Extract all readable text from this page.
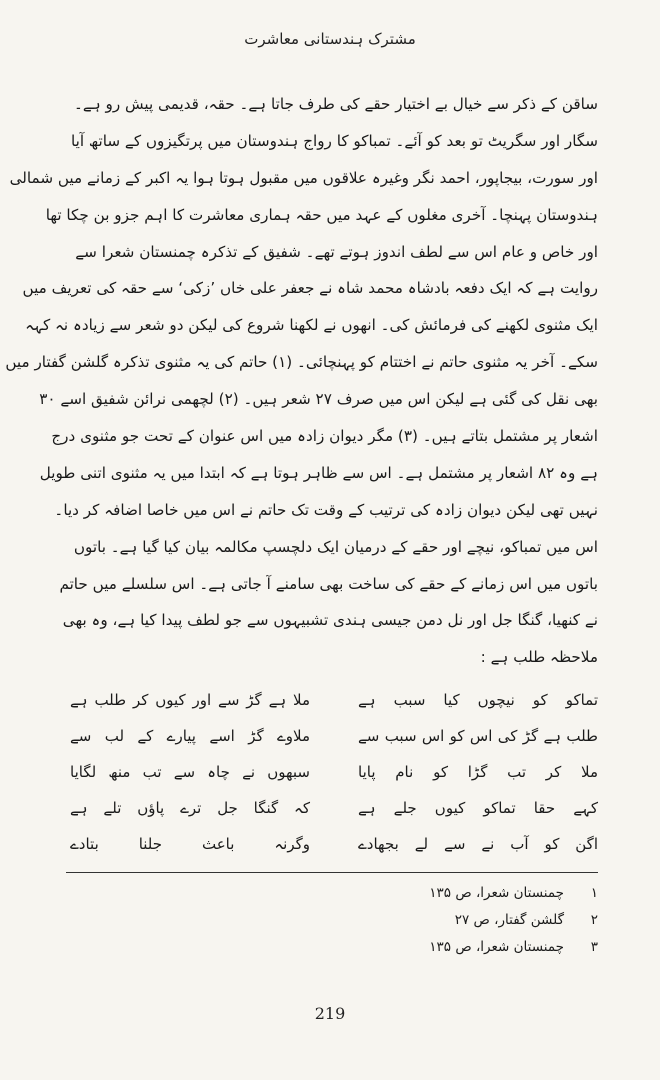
مشترک ہندستانی معاشرت
ساقن کے ذکر سے خیال بے اختیار حقے کی طرف جاتا ہے۔ حقہ، قدیمی پیش رو ہے۔
سگار اور سگریٹ تو بعد کو آئے۔ تمباکو کا رواج ہندوستان میں پرتگیزوں کے ساتھ آیا
اور سورت، بیجاپور، احمد نگر وغیرہ علاقوں میں مقبول ہوتا ہوا یہ اکبر کے زمانے میں شمالی
ہندوستان پہنچا۔ آخری مغلوں کے عہد میں حقہ ہماری معاشرت کا اہم جزو بن چکا تھا
اور خاص و عام اس سے لطف اندوز ہوتے تھے۔ شفیق کے تذکرہ چمنستان شعرا سے
روایت ہے کہ ایک دفعہ بادشاہ محمد شاہ نے جعفر علی خاں ’زکی‘ سے حقہ کی تعریف میں
ایک مثنوی لکھنے کی فرمائش کی۔ انھوں نے لکھنا شروع کی لیکن دو شعر سے زیادہ نہ کہہ
سکے۔ آخر یہ مثنوی حاتم نے اختتام کو پہنچائی۔ (۱) حاتم کی یہ مثنوی تذکرہ گلشن گفتار میں
بھی نقل کی گئی ہے لیکن اس میں صرف ۲۷ شعر ہیں۔ (۲) لچھمی نرائن شفیق اسے ۳۰
اشعار پر مشتمل بتاتے ہیں۔ (۳) مگر دیوان زادہ میں اس عنوان کے تحت جو مثنوی درج
ہے وہ ۸۲ اشعار پر مشتمل ہے۔ اس سے ظاہر ہوتا ہے کہ ابتدا میں یہ مثنوی اتنی طویل
نہیں تھی لیکن دیوان زادہ کی ترتیب کے وقت تک حاتم نے اس میں خاصا اضافہ کر دیا۔
اس میں تمباکو، نیچے اور حقے کے درمیان ایک دلچسپ مکالمہ بیان کیا گیا ہے۔ باتوں
باتوں میں اس زمانے کے حقے کی ساخت بھی سامنے آ جاتی ہے۔ اس سلسلے میں حاتم
نے کنھیا، گنگا جل اور نل دمن جیسی ہندی تشبیہوں سے جو لطف پیدا کیا ہے، وہ بھی
ملاحظہ طلب ہے :
تماکو کو نیچوں کیا سبب ہے
ملا ہے گڑ سے اور کیوں کر طلب ہے
طلب ہے گڑ کی اس کو اس سبب سے
ملاوے گڑ اسے پیارے کے لب سے
ملا کر تب گڑا کو نام پایا
سبھوں نے چاہ سے تب منھ لگایا
کہے حقا تماکو کیوں جلے ہے
کہ گنگا جل ترے پاؤں تلے ہے
اگن کو آب نے سے لے بجھادے
وگرنہ باعث جلنا بتادے
۱
چمنستان شعرا، ص ۱۳۵
۲
گلشن گفتار، ص ۲۷
۳
چمنستان شعرا، ص ۱۳۵
219
